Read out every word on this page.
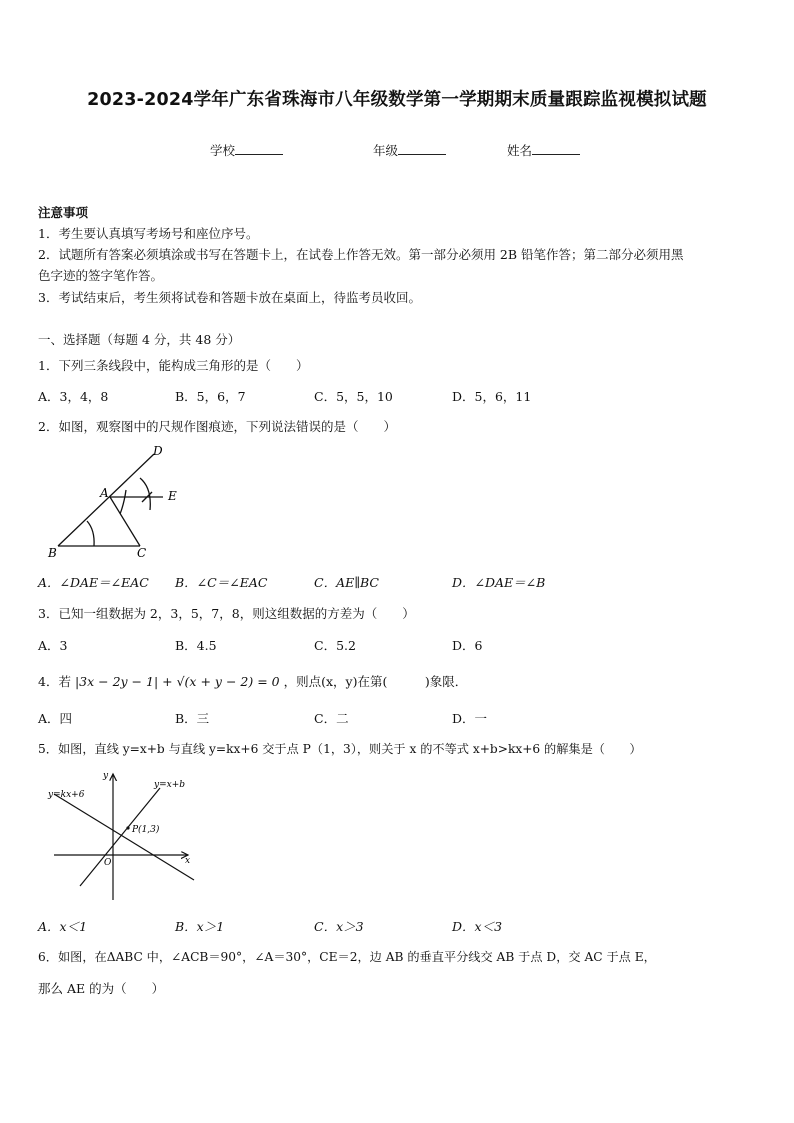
2023-2024学年广东省珠海市八年级数学第一学期期末质量跟踪监视模拟试题
学校	年级	姓名
注意事项
1．考生要认真填写考场号和座位序号。
2．试题所有答案必须填涂或书写在答题卡上，在试卷上作答无效。第一部分必须用 2B 铅笔作答；第二部分必须用黑
色字迹的签字笔作答。
3．考试结束后，考生须将试卷和答题卡放在桌面上，待监考员收回。
一、选择题（每题 4 分，共 48 分）
1．下列三条线段中，能构成三角形的是（　　）
A．3，4，8	B．5，6，7	C．5，5，10	D．5，6，11
2．如图，观察图中的尺规作图痕迹，下列说法错误的是（　　）
D
A	E
B	C
A．∠DAE＝∠EAC B．∠C＝∠EAC	C．AE∥BC	D．∠DAE＝∠B
3．已知一组数据为 2，3，5，7，8，则这组数据的方差为（　　）
A．3	B．4.5	C．5.2	D．6
4．若 |3x − 2y − 1| + √(x + y − 2) = 0 ，则点(x，y)在第(　　　)象限．
A．四	B．三	C．二	D．一
5．如图，直线 y=x+b 与直线 y=kx+6 交于点 P（1，3），则关于 x 的不等式 x+b>kx+6 的解集是（　　）
y=kx+6
y=x+b
P(1,3)
O	x
y
A．x＜1	B．x＞1	C．x＞3	D．x＜3
6．如图，在ΔABC 中，∠ACB＝90°，∠A＝30°，CE＝2，边 AB 的垂直平分线交 AB 于点 D，交 AC 于点 E，
那么 AE 的为（　　）
